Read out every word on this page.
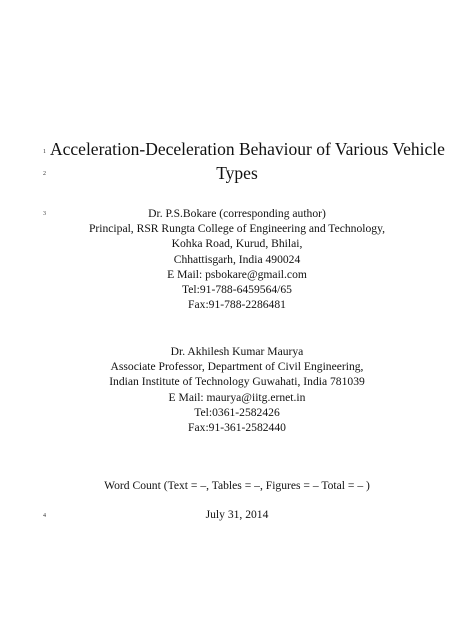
1
2
3
4
Acceleration-Deceleration Behaviour of Various Vehicle
Types
Dr. P.S.Bokare (corresponding author)
Principal, RSR Rungta College of Engineering and Technology,
Kohka Road, Kurud, Bhilai,
Chhattisgarh, India 490024
E Mail: psbokare@gmail.com
Tel:91-788-6459564/65
Fax:91-788-2286481
Dr. Akhilesh Kumar Maurya
Associate Professor, Department of Civil Engineering,
Indian Institute of Technology Guwahati, India 781039
E Mail: maurya@iitg.ernet.in
Tel:0361-2582426
Fax:91-361-2582440
Word Count (Text = –, Tables = –, Figures = – Total = – )
July 31, 2014
